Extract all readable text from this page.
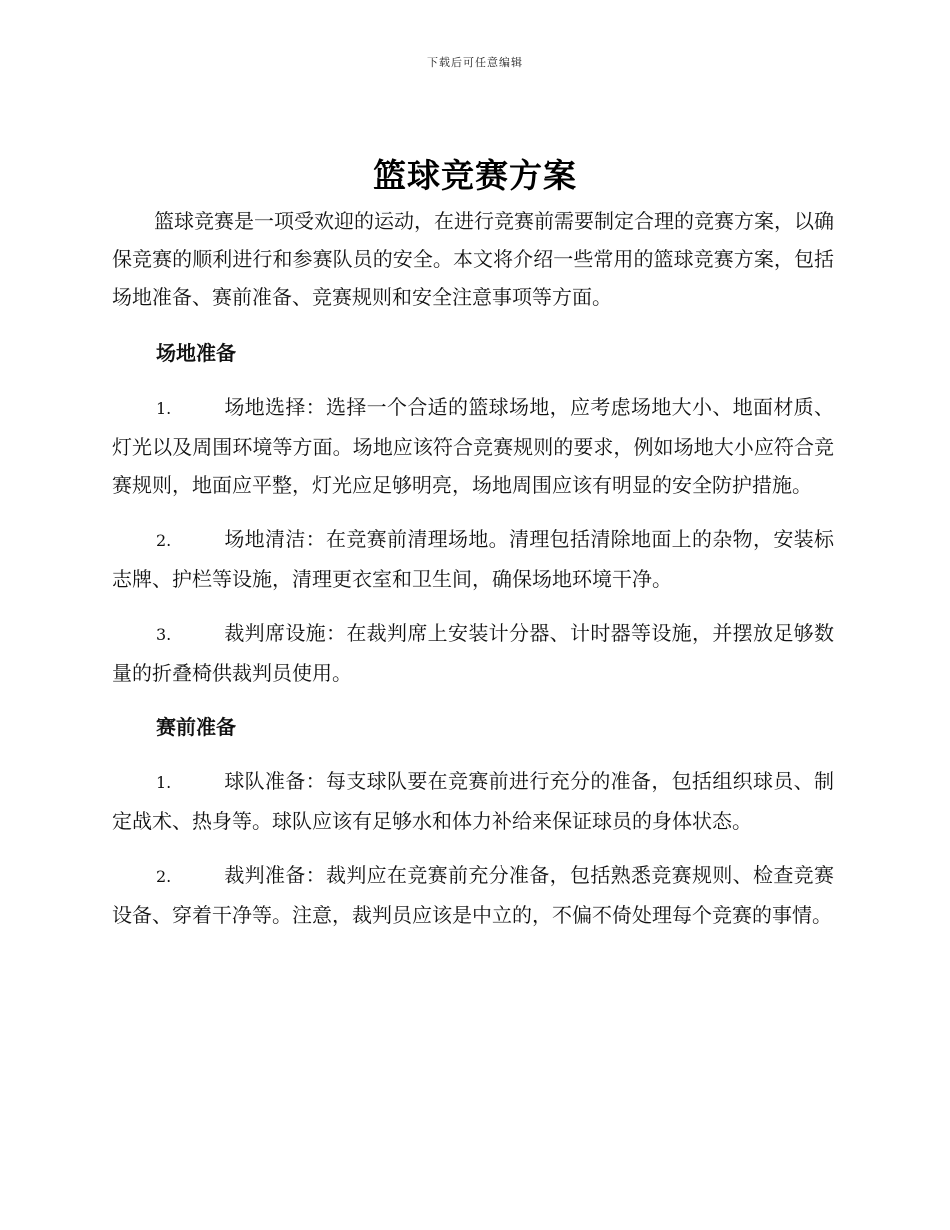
下载后可任意编辑
篮球竞赛方案

篮球竞赛是一项受欢迎的运动，在进行竞赛前需要制定合理的竞赛方案，以确保竞赛的顺利进行和参赛队员的安全。本文将介绍一些常用的篮球竞赛方案，包括场地准备、赛前准备、竞赛规则和安全注意事项等方面。

场地准备

1.	场地选择：选择一个合适的篮球场地，应考虑场地大小、地面材质、灯光以及周围环境等方面。场地应该符合竞赛规则的要求，例如场地大小应符合竞赛规则，地面应平整，灯光应足够明亮，场地周围应该有明显的安全防护措施。

2.	场地清洁：在竞赛前清理场地。清理包括清除地面上的杂物，安装标志牌、护栏等设施，清理更衣室和卫生间，确保场地环境干净。

3.	裁判席设施：在裁判席上安装计分器、计时器等设施，并摆放足够数量的折叠椅供裁判员使用。

赛前准备

1.	球队准备：每支球队要在竞赛前进行充分的准备，包括组织球员、制定战术、热身等。球队应该有足够水和体力补给来保证球员的身体状态。

2.	裁判准备：裁判应在竞赛前充分准备，包括熟悉竞赛规则、检查竞赛设备、穿着干净等。注意，裁判员应该是中立的，不偏不倚处理每个竞赛的事情。
